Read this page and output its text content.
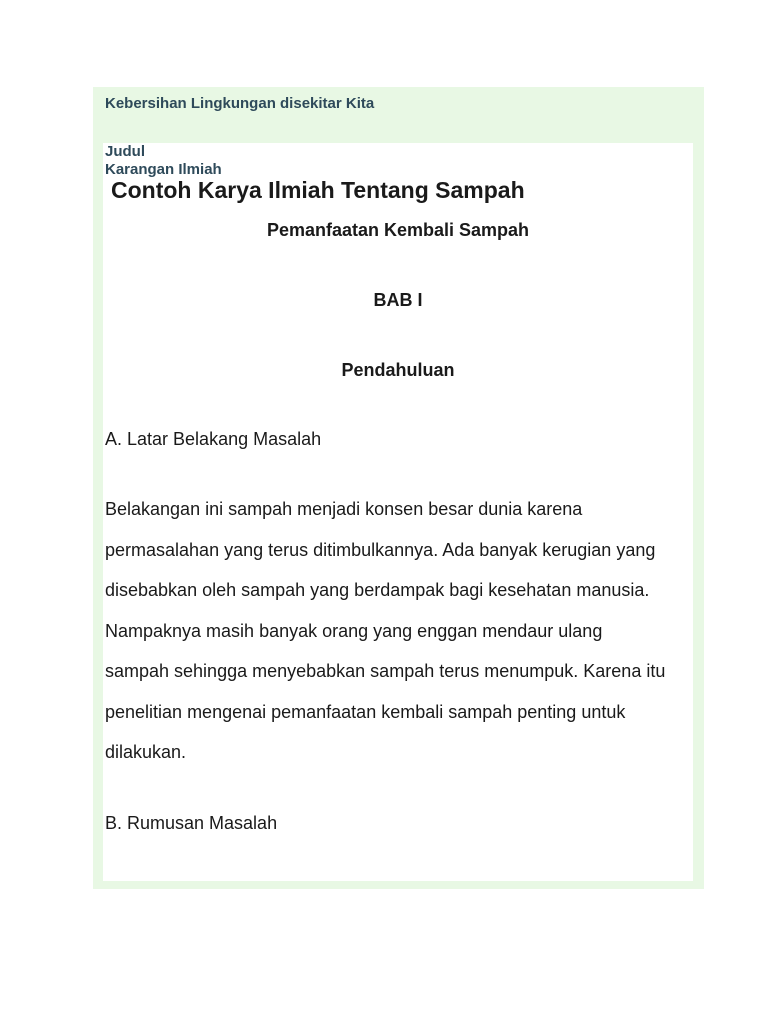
Kebersihan Lingkungan disekitar Kita
Judul
Karangan Ilmiah
Contoh Karya Ilmiah Tentang Sampah
Pemanfaatan Kembali Sampah
BAB I
Pendahuluan
A. Latar Belakang Masalah
Belakangan ini sampah menjadi konsen besar dunia karena
permasalahan yang terus ditimbulkannya. Ada banyak kerugian yang
disebabkan oleh sampah yang berdampak bagi kesehatan manusia.
Nampaknya masih banyak orang yang enggan mendaur ulang
sampah sehingga menyebabkan sampah terus menumpuk. Karena itu
penelitian mengenai pemanfaatan kembali sampah penting untuk
dilakukan.
B. Rumusan Masalah
